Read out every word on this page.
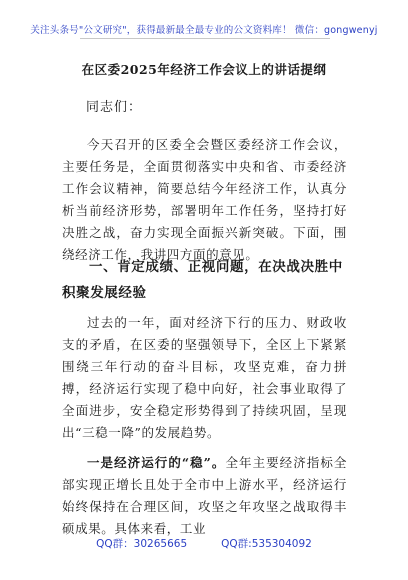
关注头条号"公文研究"，获得最新最全最专业的公文资料库！ 微信：gongwenyj
在区委2025年经济工作会议上的讲话提纲
同志们：

今天召开的区委全会暨区委经济工作会议，主要任务是，全面贯彻落实中央和省、市委经济工作会议精神，简要总结今年经济工作，认真分析当前经济形势，部署明年工作任务，坚持打好决胜之战，奋力实现全面振兴新突破。下面，围绕经济工作，我讲四方面的意见。

一、肯定成绩、正视问题，在决战决胜中积聚发展经验

过去的一年，面对经济下行的压力、财政收支的矛盾，在区委的坚强领导下，全区上下紧紧围绕三年行动的奋斗目标，攻坚克难，奋力拼搏，经济运行实现了稳中向好，社会事业取得了全面进步，安全稳定形势得到了持续巩固，呈现出“三稳一降”的发展趋势。

一是经济运行的“稳”。全年主要经济指标全部实现正增长且处于全市中上游水平，经济运行始终保持在合理区间，攻坚之年攻坚之战取得丰硕成果。具体来看，工业

QQ群：30265665	QQ群:535304092
